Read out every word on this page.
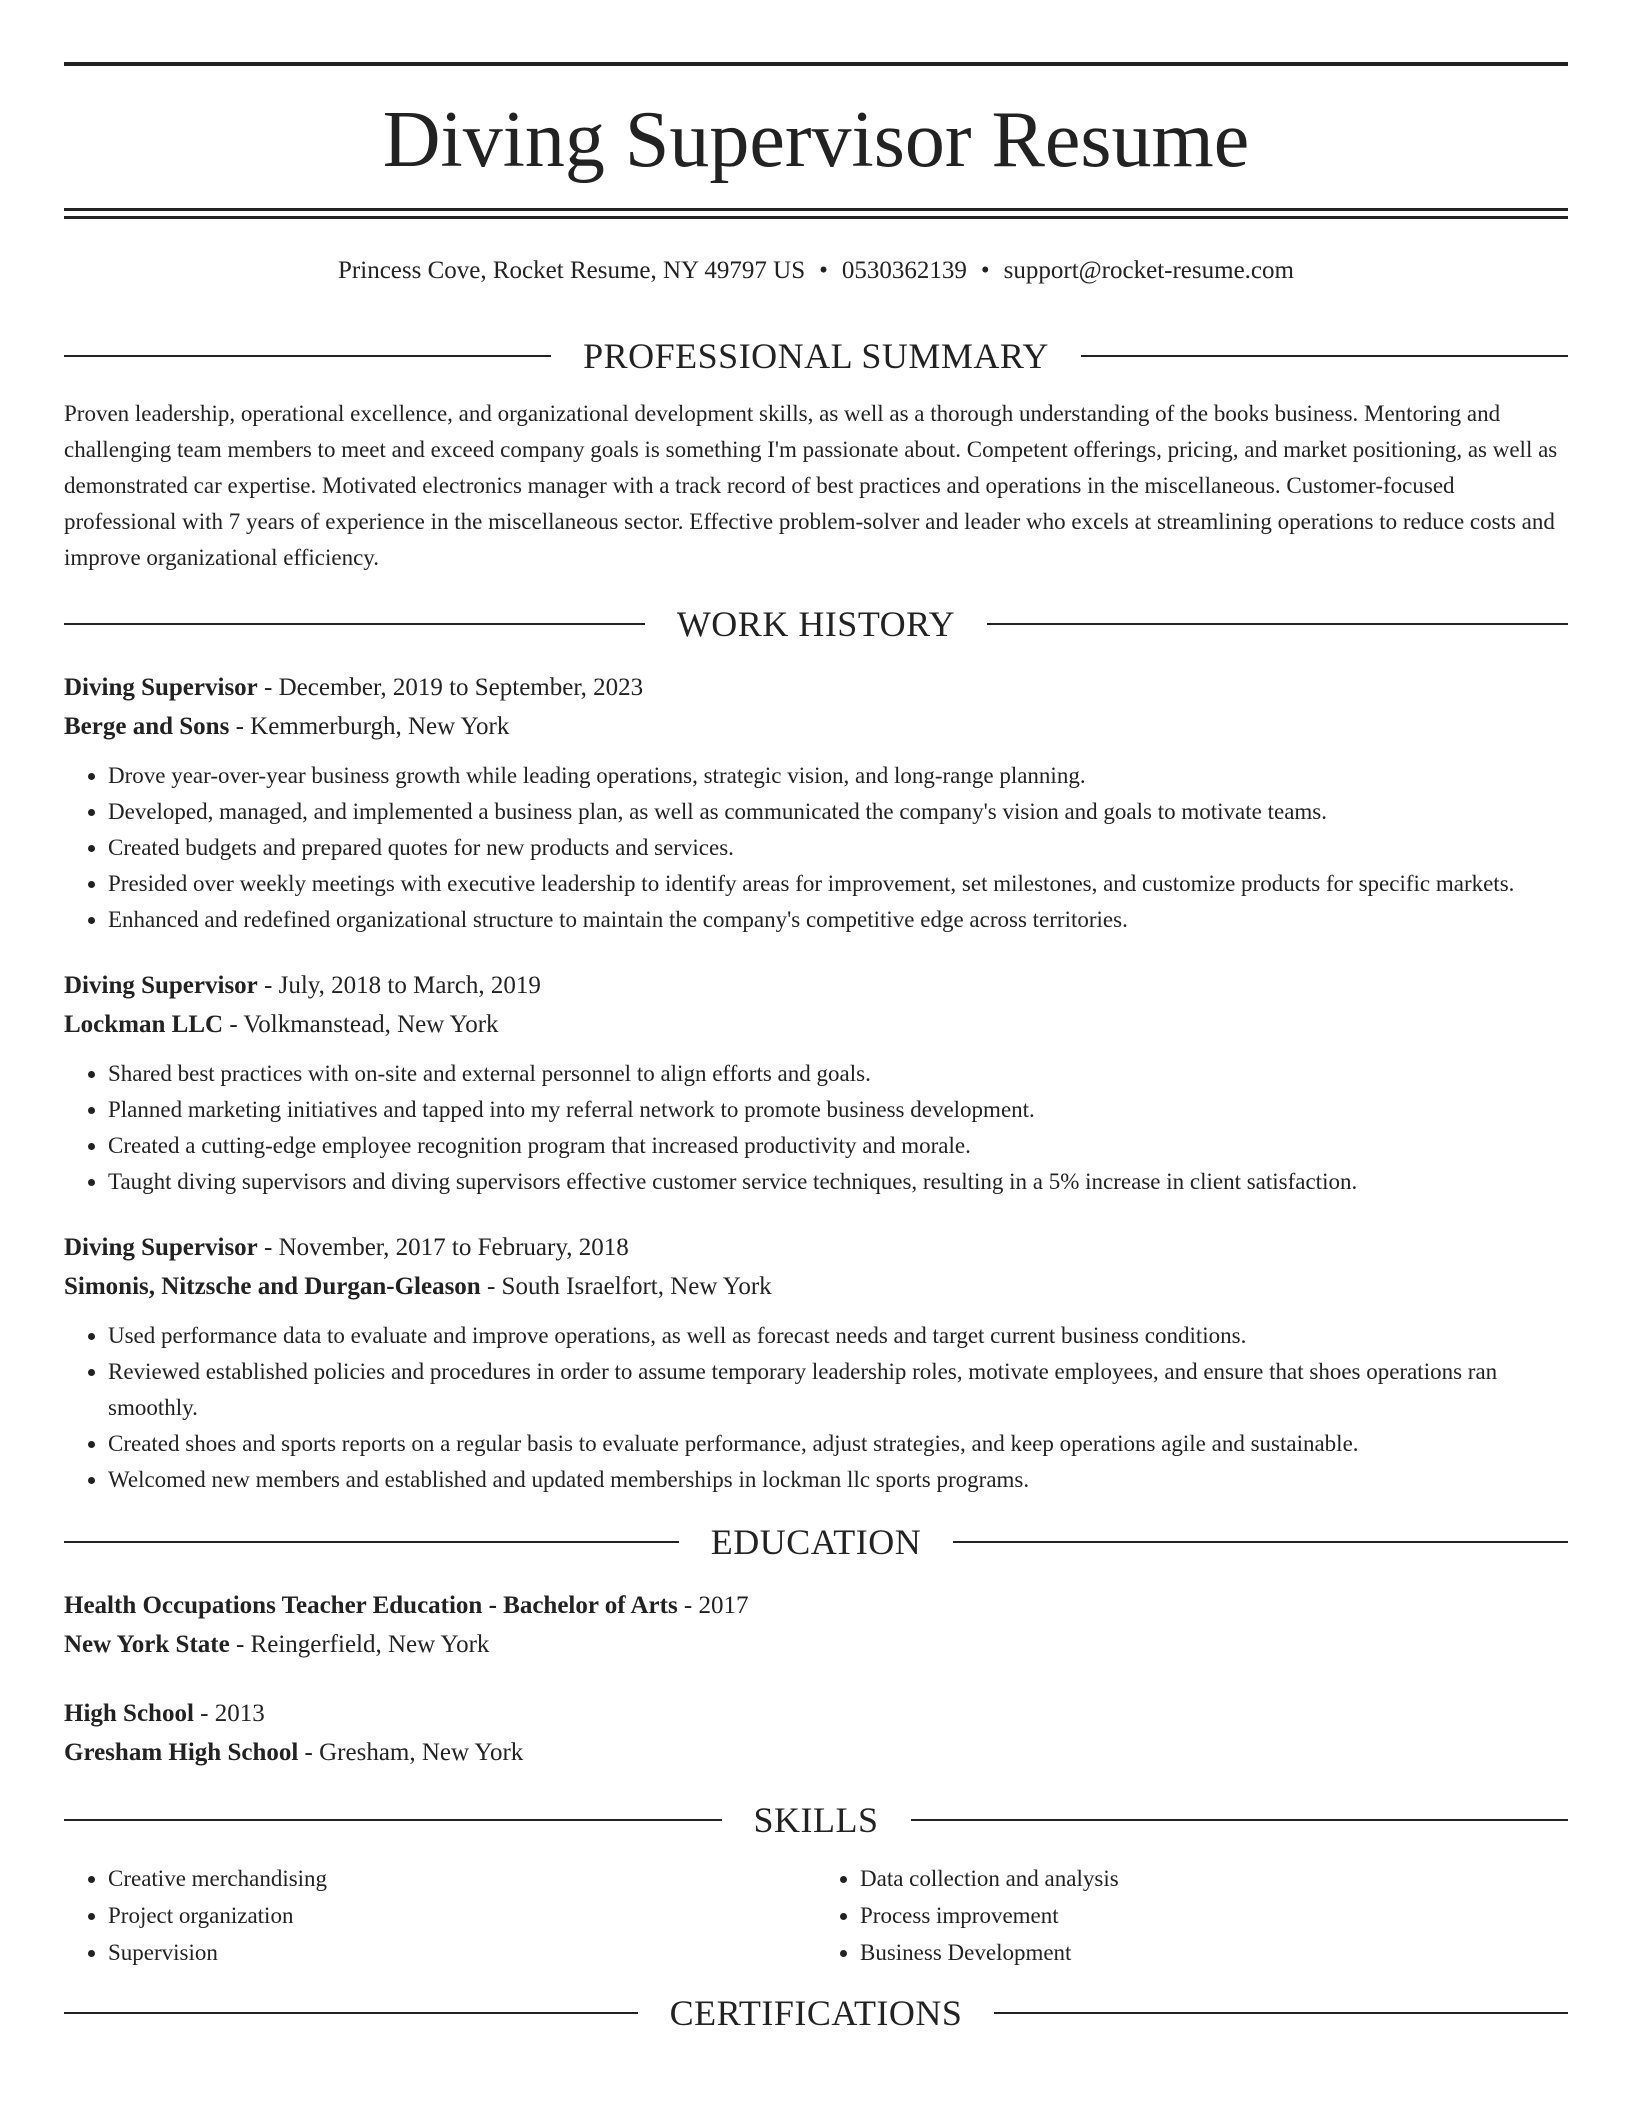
Diving Supervisor Resume
Princess Cove, Rocket Resume, NY 49797 US • 0530362139 • support@rocket-resume.com
PROFESSIONAL SUMMARY

Proven leadership, operational excellence, and organizational development skills, as well as a thorough understanding of the books business. Mentoring and challenging team members to meet and exceed company goals is something I'm passionate about. Competent offerings, pricing, and market positioning, as well as demonstrated car expertise. Motivated electronics manager with a track record of best practices and operations in the miscellaneous. Customer-focused professional with 7 years of experience in the miscellaneous sector. Effective problem-solver and leader who excels at streamlining operations to reduce costs and improve organizational efficiency.

WORK HISTORY
Diving Supervisor - December, 2019 to September, 2023
Berge and Sons - Kemmerburgh, New York
• Drove year-over-year business growth while leading operations, strategic vision, and long-range planning.
• Developed, managed, and implemented a business plan, as well as communicated the company's vision and goals to motivate teams.
• Created budgets and prepared quotes for new products and services.
• Presided over weekly meetings with executive leadership to identify areas for improvement, set milestones, and customize products for specific markets.
• Enhanced and redefined organizational structure to maintain the company's competitive edge across territories.
Diving Supervisor - July, 2018 to March, 2019
Lockman LLC - Volkmanstead, New York
• Shared best practices with on-site and external personnel to align efforts and goals.
• Planned marketing initiatives and tapped into my referral network to promote business development.
• Created a cutting-edge employee recognition program that increased productivity and morale.
• Taught diving supervisors and diving supervisors effective customer service techniques, resulting in a 5% increase in client satisfaction.
Diving Supervisor - November, 2017 to February, 2018
Simonis, Nitzsche and Durgan-Gleason - South Israelfort, New York
• Used performance data to evaluate and improve operations, as well as forecast needs and target current business conditions.
• Reviewed established policies and procedures in order to assume temporary leadership roles, motivate employees, and ensure that shoes operations ran smoothly.
• Created shoes and sports reports on a regular basis to evaluate performance, adjust strategies, and keep operations agile and sustainable.
• Welcomed new members and established and updated memberships in lockman llc sports programs.
EDUCATION
Health Occupations Teacher Education - Bachelor of Arts - 2017
New York State - Reingerfield, New York
High School - 2013
Gresham High School - Gresham, New York
SKILLS
• Creative merchandising
• Project organization
• Supervision
• Data collection and analysis
• Process improvement
• Business Development
CERTIFICATIONS
